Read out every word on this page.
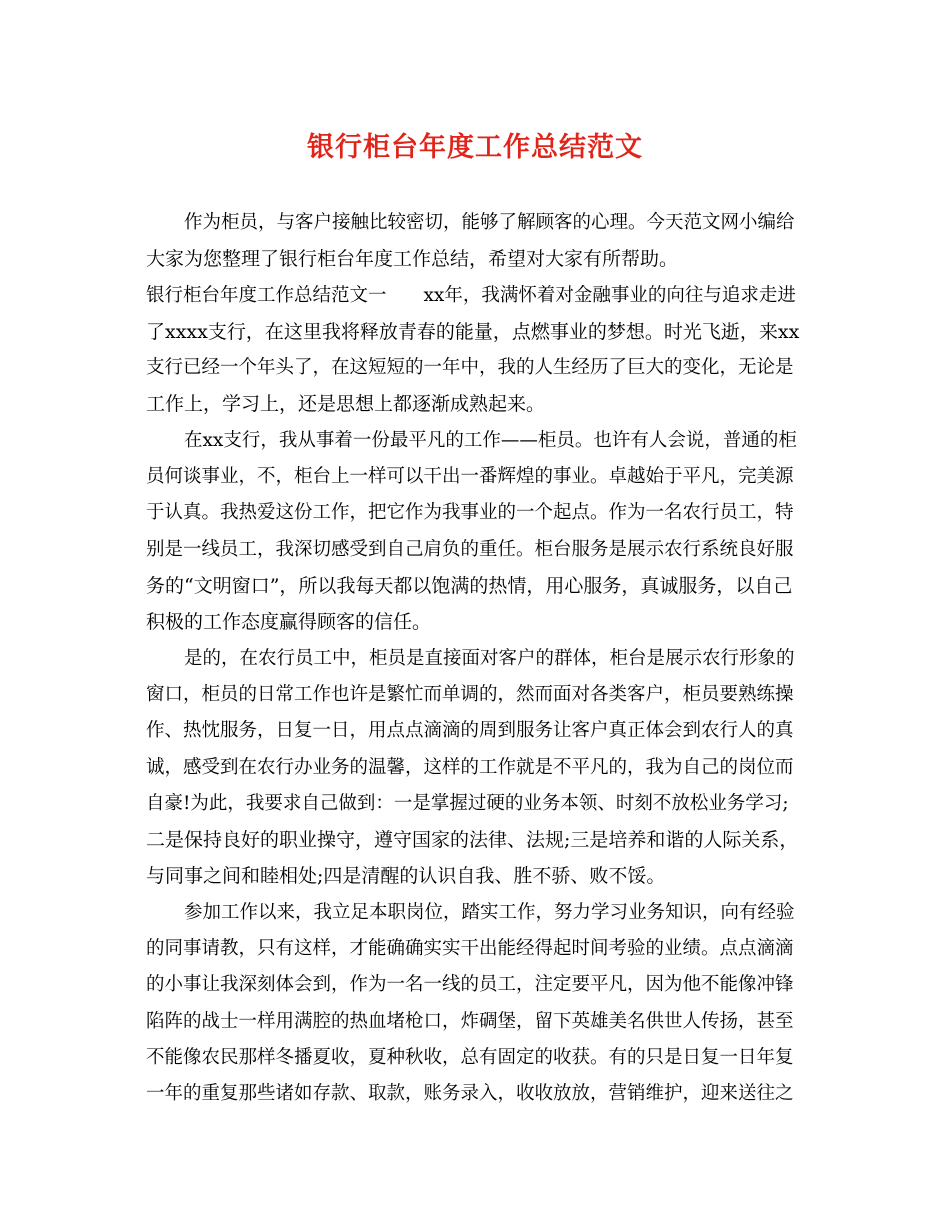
银行柜台年度工作总结范文
作为柜员，与客户接触比较密切，能够了解顾客的心理。今天范文网小编给
大家为您整理了银行柜台年度工作总结，希望对大家有所帮助。
银行柜台年度工作总结范文一　　xx年，我满怀着对金融事业的向往与追求走进
了xxxx支行，在这里我将释放青春的能量，点燃事业的梦想。时光飞逝，来xx
支行已经一个年头了，在这短短的一年中，我的人生经历了巨大的变化，无论是
工作上，学习上，还是思想上都逐渐成熟起来。
在xx支行，我从事着一份最平凡的工作——柜员。也许有人会说，普通的柜
员何谈事业，不，柜台上一样可以干出一番辉煌的事业。卓越始于平凡，完美源
于认真。我热爱这份工作，把它作为我事业的一个起点。作为一名农行员工，特
别是一线员工，我深切感受到自己肩负的重任。柜台服务是展示农行系统良好服
务的“文明窗口”，所以我每天都以饱满的热情，用心服务，真诚服务，以自己
积极的工作态度赢得顾客的信任。
是的，在农行员工中，柜员是直接面对客户的群体，柜台是展示农行形象的
窗口，柜员的日常工作也许是繁忙而单调的，然而面对各类客户，柜员要熟练操
作、热忱服务，日复一日，用点点滴滴的周到服务让客户真正体会到农行人的真
诚，感受到在农行办业务的温馨，这样的工作就是不平凡的，我为自己的岗位而
自豪!为此，我要求自己做到：一是掌握过硬的业务本领、时刻不放松业务学习;
二是保持良好的职业操守，遵守国家的法律、法规;三是培养和谐的人际关系，
与同事之间和睦相处;四是清醒的认识自我、胜不骄、败不馁。
参加工作以来，我立足本职岗位，踏实工作，努力学习业务知识，向有经验
的同事请教，只有这样，才能确确实实干出能经得起时间考验的业绩。点点滴滴
的小事让我深刻体会到，作为一名一线的员工，注定要平凡，因为他不能像冲锋
陷阵的战士一样用满腔的热血堵枪口，炸碉堡，留下英雄美名供世人传扬，甚至
不能像农民那样冬播夏收，夏种秋收，总有固定的收获。有的只是日复一日年复
一年的重复那些诸如存款、取款，账务录入，收收放放，营销维护，迎来送往之
